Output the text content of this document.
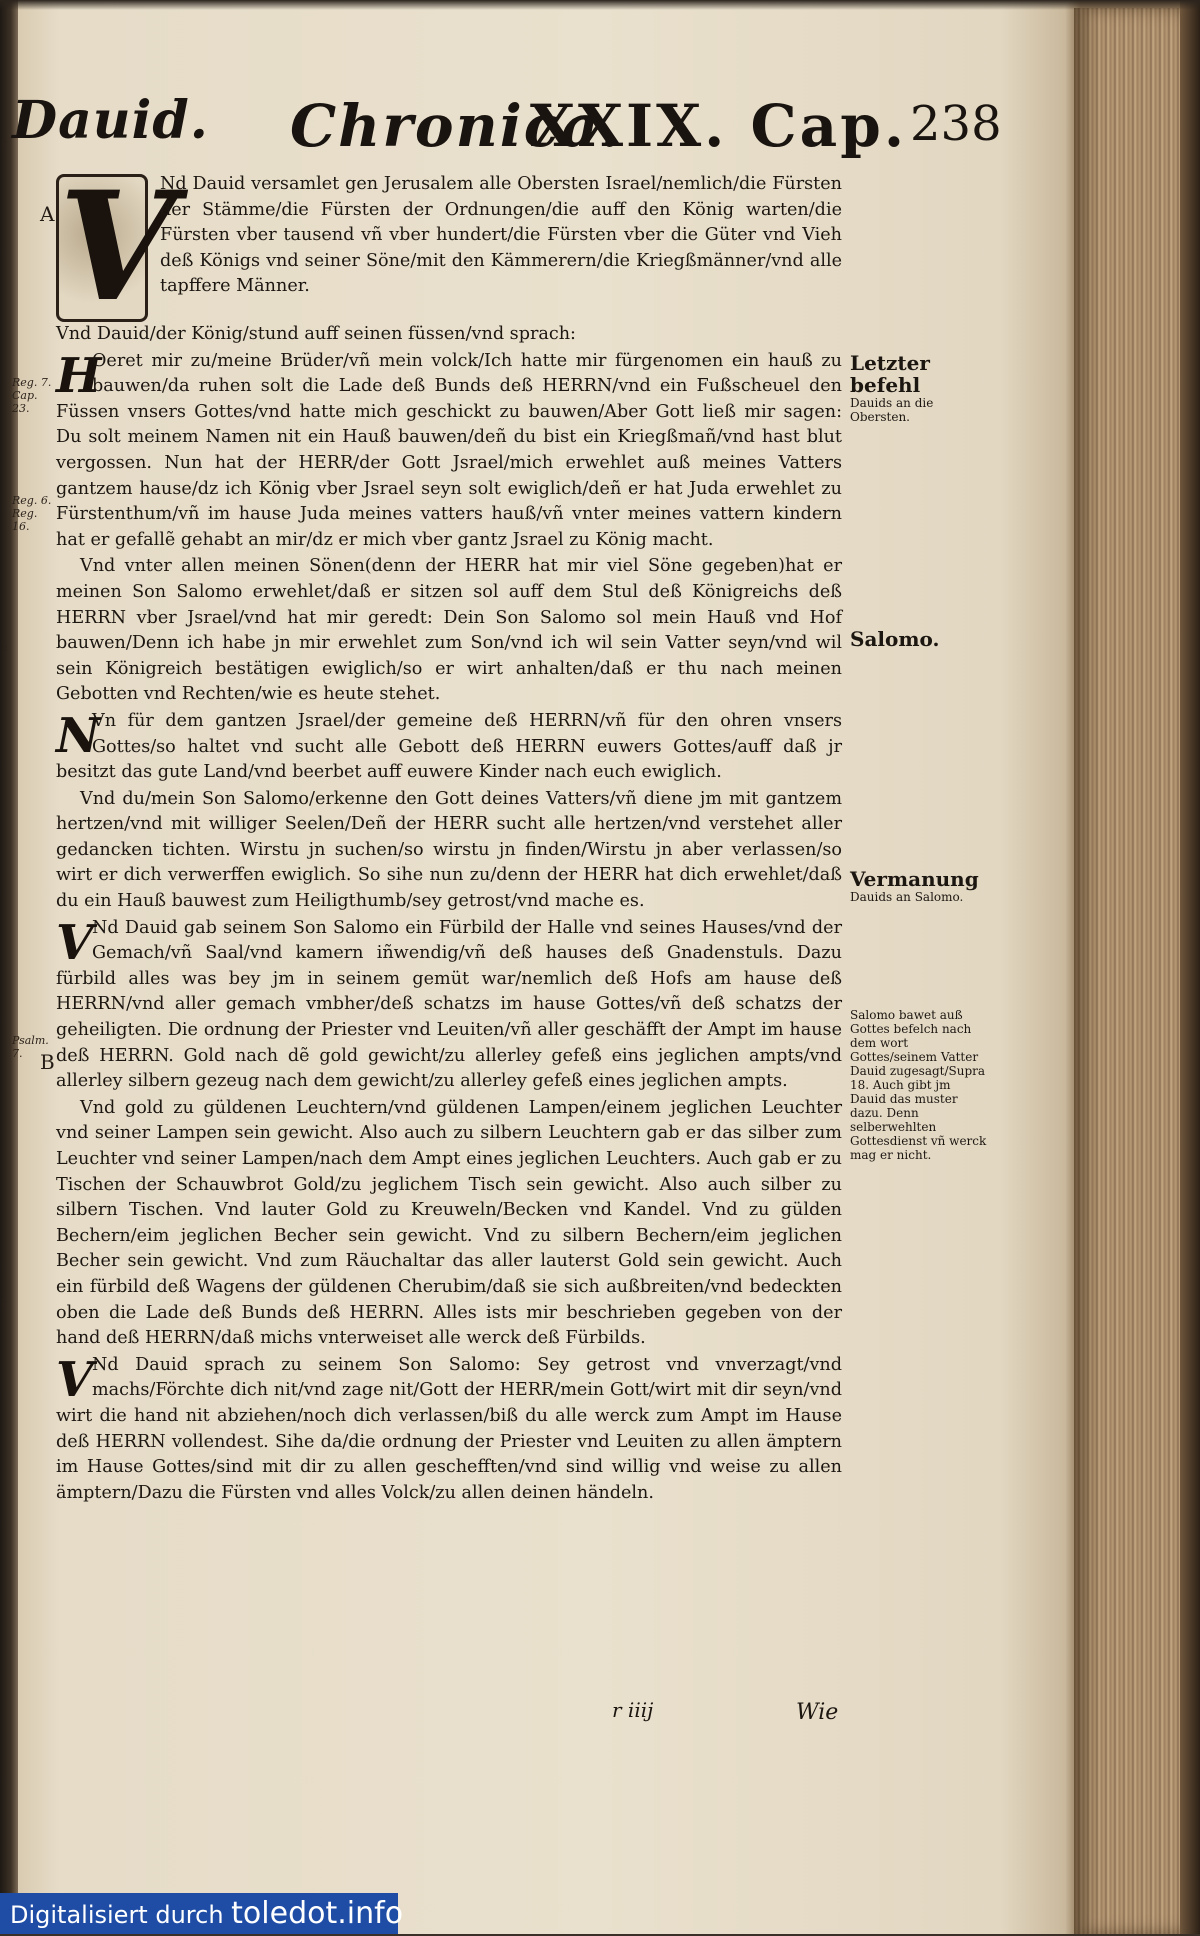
ſ
ꝛ
ſ
Dauid. Chronica.
XXIX. Cap. 238
A
B
Reg. 7. Cap. 23.
Reg. 6. Reg. 16.
Psalm. 7.
V

Nd Dauid versamlet gen Jerusalem alle Obersten Israel/nemlich/die Fürsten der Stämme/die Fürsten der Ordnungen/die auff den König warten/die Fürsten vber tausend vñ vber hundert/die Fürsten vber die Güter vnd Vieh deß Königs vnd seiner Söne/mit den Kämmerern/die Kriegßmänner/vnd alle tapffere Männer.

Vnd Dauid/der König/stund auff seinen füssen/vnd sprach:

H

Oeret mir zu/meine Brüder/vñ mein volck/Ich hatte mir fürgenomen ein hauß zu bauwen/da ruhen solt die Lade deß Bunds deß HERRN/vnd ein Fußscheuel den Füssen vnsers Gottes/vnd hatte mich geschickt zu bauwen/Aber Gott ließ mir sagen: Du solt meinem Namen nit ein Hauß bauwen/deñ du bist ein Kriegßmañ/vnd hast blut vergossen. Nun hat der HERR/der Gott Jsrael/mich erwehlet auß meines Vatters gantzem hause/dz ich König vber Jsrael seyn solt ewiglich/deñ er hat Juda erwehlet zu Fürstenthum/vñ im hause Juda meines vatters hauß/vñ vnter meines vattern kindern hat er gefallẽ gehabt an mir/dz er mich vber gantz Jsrael zu König macht.

Vnd vnter allen meinen Sönen(denn der HERR hat mir viel Söne gegeben)hat er meinen Son Salomo erwehlet/daß er sitzen sol auff dem Stul deß Königreichs deß HERRN vber Jsrael/vnd hat mir geredt: Dein Son Salomo sol mein Hauß vnd Hof bauwen/Denn ich habe jn mir erwehlet zum Son/vnd ich wil sein Vatter seyn/vnd wil sein Königreich bestätigen ewiglich/so er wirt anhalten/daß er thu nach meinen Gebotten vnd Rechten/wie es heute stehet.

N

Vn für dem gantzen Jsrael/der gemeine deß HERRN/vñ für den ohren vnsers Gottes/so haltet vnd sucht alle Gebott deß HERRN euwers Gottes/auff daß jr besitzt das gute Land/vnd beerbet auff euwere Kinder nach euch ewiglich.

Vnd du/mein Son Salomo/erkenne den Gott deines Vatters/vñ diene jm mit gantzem hertzen/vnd mit williger Seelen/Deñ der HERR sucht alle hertzen/vnd verstehet aller gedancken tichten. Wirstu jn suchen/so wirstu jn finden/Wirstu jn aber verlassen/so wirt er dich verwerffen ewiglich. So sihe nun zu/denn der HERR hat dich erwehlet/daß du ein Hauß bauwest zum Heiligthumb/sey getrost/vnd mache es.

V

Nd Dauid gab seinem Son Salomo ein Fürbild der Halle vnd seines Hauses/vnd der Gemach/vñ Saal/vnd kamern iñwendig/vñ deß hauses deß Gnadenstuls. Dazu fürbild alles was bey jm in seinem gemüt war/nemlich deß Hofs am hause deß HERRN/vnd aller gemach vmbher/deß schatzs im hause Gottes/vñ deß schatzs der geheiligten. Die ordnung der Priester vnd Leuiten/vñ aller geschäfft der Ampt im hause deß HERRN. Gold nach dẽ gold gewicht/zu allerley gefeß eins jeglichen ampts/vnd allerley silbern gezeug nach dem gewicht/zu allerley gefeß eines jeglichen ampts.

Vnd gold zu güldenen Leuchtern/vnd güldenen Lampen/einem jeglichen Leuchter vnd seiner Lampen sein gewicht. Also auch zu silbern Leuchtern gab er das silber zum Leuchter vnd seiner Lampen/nach dem Ampt eines jeglichen Leuchters. Auch gab er zu Tischen der Schauwbrot Gold/zu jeglichem Tisch sein gewicht. Also auch silber zu silbern Tischen. Vnd lauter Gold zu Kreuweln/Becken vnd Kandel. Vnd zu gülden Bechern/eim jeglichen Becher sein gewicht. Vnd zu silbern Bechern/eim jeglichen Becher sein gewicht. Vnd zum Räuchaltar das aller lauterst Gold sein gewicht. Auch ein fürbild deß Wagens der güldenen Cherubim/daß sie sich außbreiten/vnd bedeckten oben die Lade deß Bunds deß HERRN. Alles ists mir beschrieben gegeben von der hand deß HERRN/daß michs vnterweiset alle werck deß Fürbilds.

V

Nd Dauid sprach zu seinem Son Salomo: Sey getrost vnd vnverzagt/vnd machs/Förchte dich nit/vnd zage nit/Gott der HERR/mein Gott/wirt mit dir seyn/vnd wirt die hand nit abziehen/noch dich verlassen/biß du alle werck zum Ampt im Hause deß HERRN vollendest. Sihe da/die ordnung der Priester vnd Leuiten zu allen ämptern im Hause Gottes/sind mit dir zu allen geschefften/vnd sind willig vnd weise zu allen ämptern/Dazu die Fürsten vnd alles Volck/zu allen deinen händeln.

Letzter befehl
Dauids an die Obersten.
Salomo.
Vermanung
Dauids an Salomo.
Salomo bawet auß Gottes befelch nach dem wort Gottes/seinem Vatter Dauid zugesagt/Supra 18. Auch gibt jm Dauid das muster dazu. Denn selberwehlten Gottesdienst vñ werck mag er nicht.
r iiij	Wie
Digitalisiert durch toledot.info
